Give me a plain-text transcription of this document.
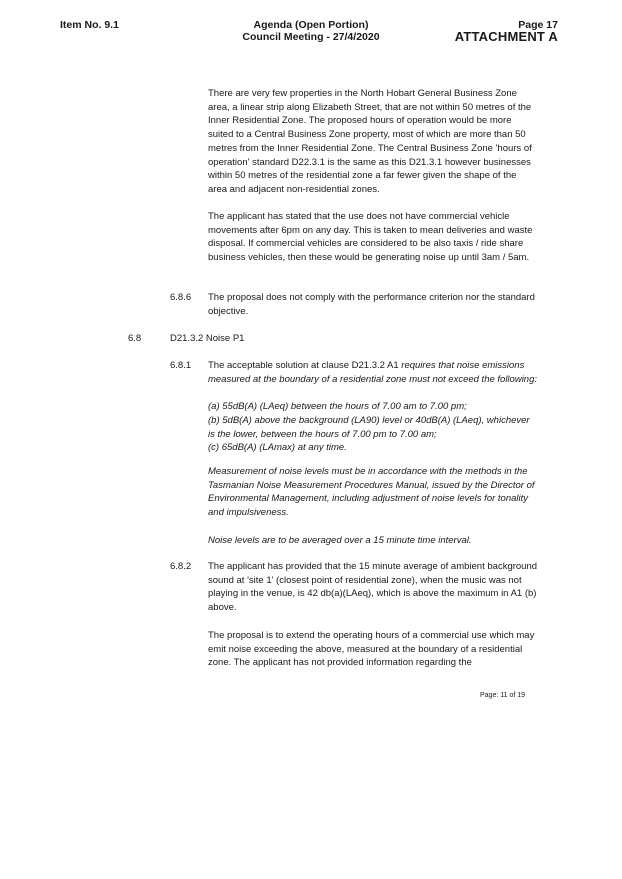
Item No. 9.1	Agenda (Open Portion)
Council Meeting - 27/4/2020
Page 17
ATTACHMENT A

There are very few properties in the North Hobart General Business Zone area, a linear strip along Elizabeth Street, that are not within 50 metres of the Inner Residential Zone. The proposed hours of operation would be more suited to a Central Business Zone property, most of which are more than 50 metres from the Inner Residential Zone. The Central Business Zone 'hours of operation' standard D22.3.1 is the same as this D21.3.1 however businesses within 50 metres of the residential zone a far fewer given the shape of the area and adjacent non-residential zones.

The applicant has stated that the use does not have commercial vehicle movements after 6pm on any day. This is taken to mean deliveries and waste disposal. If commercial vehicles are considered to be also taxis / ride share business vehicles, then these would be generating noise up until 3am / 5am.

6.8.6 The proposal does not comply with the performance criterion nor the standard objective.

6.8	D21.3.2 Noise P1
6.8.1 The acceptable solution at clause D21.3.2 A1 requires that noise emissions measured at the boundary of a residential zone must not exceed the following:

(a) 55dB(A) (LAeq) between the hours of 7.00 am to 7.00 pm;

(b) 5dB(A) above the background (LA90) level or 40dB(A) (LAeq), whichever is the lower, between the hours of 7.00 pm to 7.00 am;

(c) 65dB(A) (LAmax) at any time.

Measurement of noise levels must be in accordance with the methods in the Tasmanian Noise Measurement Procedures Manual, issued by the Director of Environmental Management, including adjustment of noise levels for tonality and impulsiveness.

Noise levels are to be averaged over a 15 minute time interval.

6.8.2 The applicant has provided that the 15 minute average of ambient background sound at 'site 1' (closest point of residential zone), when the music was not playing in the venue, is 42 db(a)(LAeq), which is above the maximum in A1 (b) above.

The proposal is to extend the operating hours of a commercial use which may emit noise exceeding the above, measured at the boundary of a residential zone. The applicant has not provided information regarding the

Page: 11 of 19
